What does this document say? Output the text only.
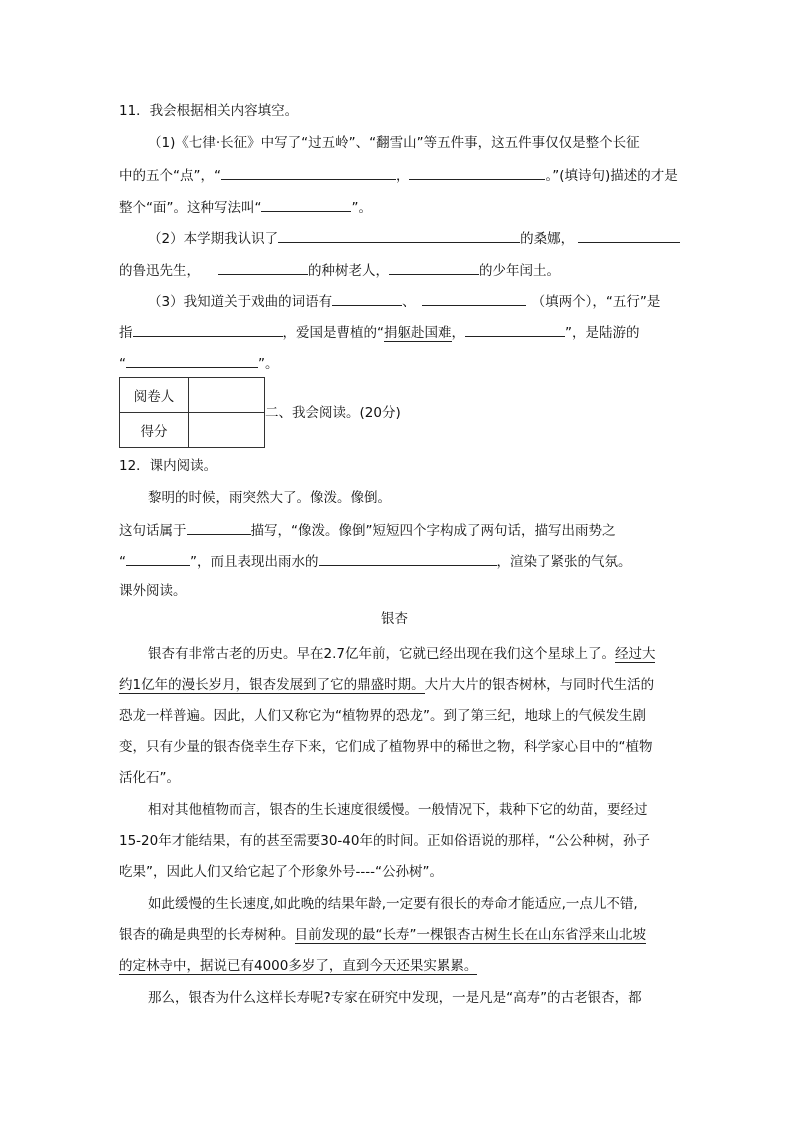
11．我会根据相关内容填空。
（1)《七律·长征》中写了“过五岭”、“翻雪山”等五件事，这五件事仅仅是整个长征
中的五个“点”，“	，	。”(填诗句)描述的才是
整个“面”。这种写法叫“	”。
（2）本学期我认识了	的桑娜，
的鲁迅先生，	的种树老人，	的少年闰土。
（3）我知道关于戏曲的词语有	、	（填两个），“五行”是
指	，爱国是曹植的“捐躯赴国难，	”，是陆游的
“	”。
阅卷人	
得分	
二、我会阅读。(20分)
12．课内阅读。
黎明的时候，雨突然大了。像泼。像倒。
这句话属于	描写，“像泼。像倒”短短四个字构成了两句话，描写出雨势之
“	”，而且表现出雨水的	，渲染了紧张的气氛。
课外阅读。
银杏
银杏有非常古老的历史。早在2.7亿年前，它就已经出现在我们这个星球上了。经过大
约1亿年的漫长岁月，银杏发展到了它的鼎盛时期。大片大片的银杏树林，与同时代生活的
恐龙一样普遍。因此，人们又称它为“植物界的恐龙”。到了第三纪，地球上的气候发生剧
变，只有少量的银杏侥幸生存下来，它们成了植物界中的稀世之物，科学家心目中的“植物
活化石”。
相对其他植物而言，银杏的生长速度很缓慢。一般情况下，栽种下它的幼苗，要经过
15-20年才能结果，有的甚至需要30-40年的时间。正如俗语说的那样，“公公种树，孙子
吃果”，因此人们又给它起了个形象外号----“公孙树”。
如此缓慢的生长速度,如此晚的结果年龄,一定要有很长的寿命才能适应,一点儿不错,
银杏的确是典型的长寿树种。目前发现的最“长寿”一棵银杏古树生长在山东省浮来山北坡
的定林寺中，据说已有4000多岁了，直到今天还果实累累。
那么，银杏为什么这样长寿呢?专家在研究中发现，一是凡是“高寿”的古老银杏，都
